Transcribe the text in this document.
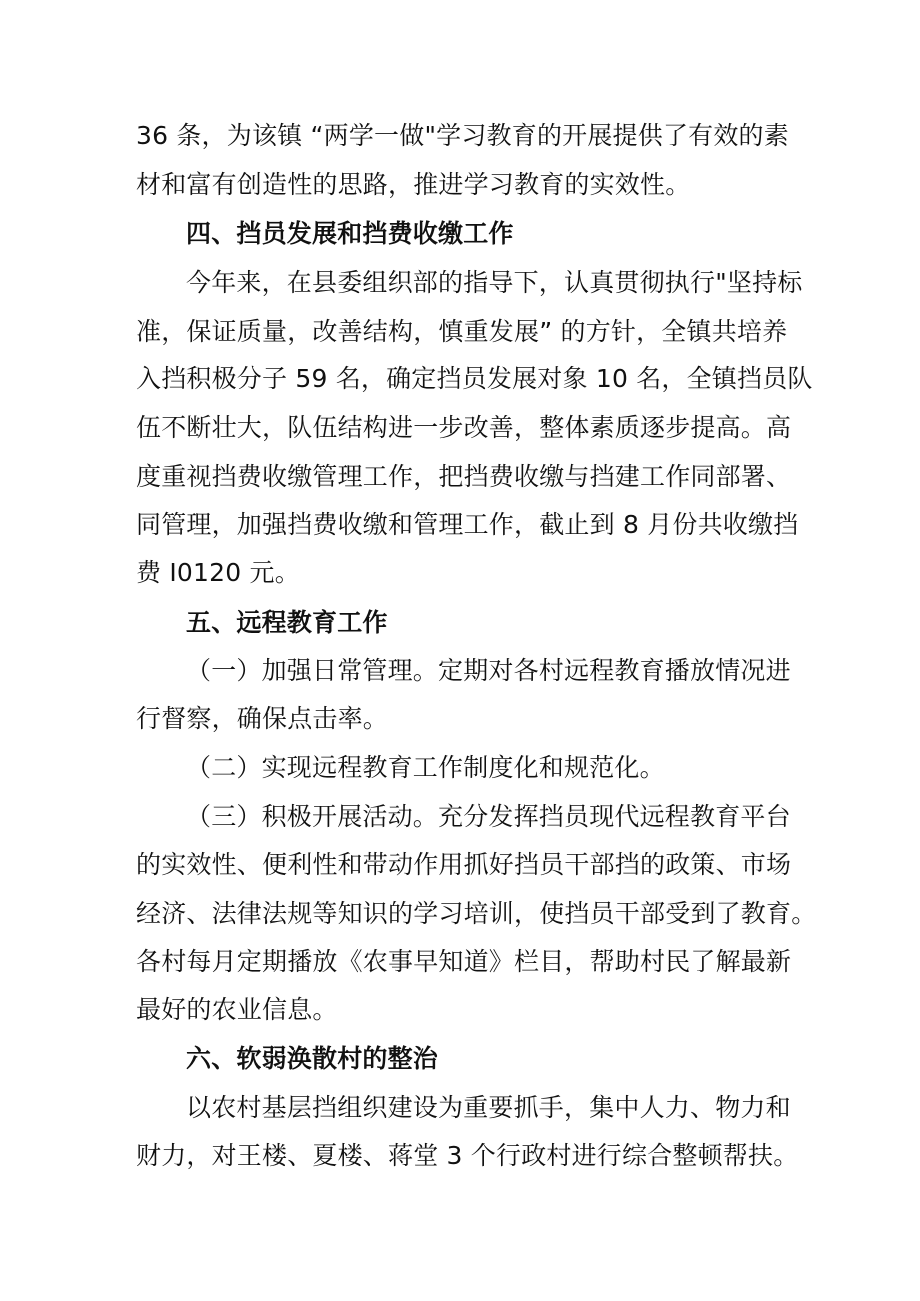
36 条，为该镇 “两学一做"学习教育的开展提供了有效的素
材和富有创造性的思路，推进学习教育的实效性。
四、挡员发展和挡费收缴工作
今年来，在县委组织部的指导下，认真贯彻执行"坚持标
准，保证质量，改善结构，慎重发展” 的方针，全镇共培养
入挡积极分子 59 名，确定挡员发展对象 10 名，全镇挡员队
伍不断壮大，队伍结构进一步改善，整体素质逐步提高。高
度重视挡费收缴管理工作，把挡费收缴与挡建工作同部署、
同管理，加强挡费收缴和管理工作，截止到 8 月份共收缴挡
费 I0120 元。
五、远程教育工作
（一）加强日常管理。定期对各村远程教育播放情况进
行督察，确保点击率。
（二）实现远程教育工作制度化和规范化。
（三）积极开展活动。充分发挥挡员现代远程教育平台
的实效性、便利性和带动作用抓好挡员干部挡的政策、市场
经济、法律法规等知识的学习培训，使挡员干部受到了教育。
各村每月定期播放《农事早知道》栏目，帮助村民了解最新
最好的农业信息。
六、软弱涣散村的整治
以农村基层挡组织建设为重要抓手，集中人力、物力和
财力，对王楼、夏楼、蒋堂 3 个行政村进行综合整顿帮扶。
